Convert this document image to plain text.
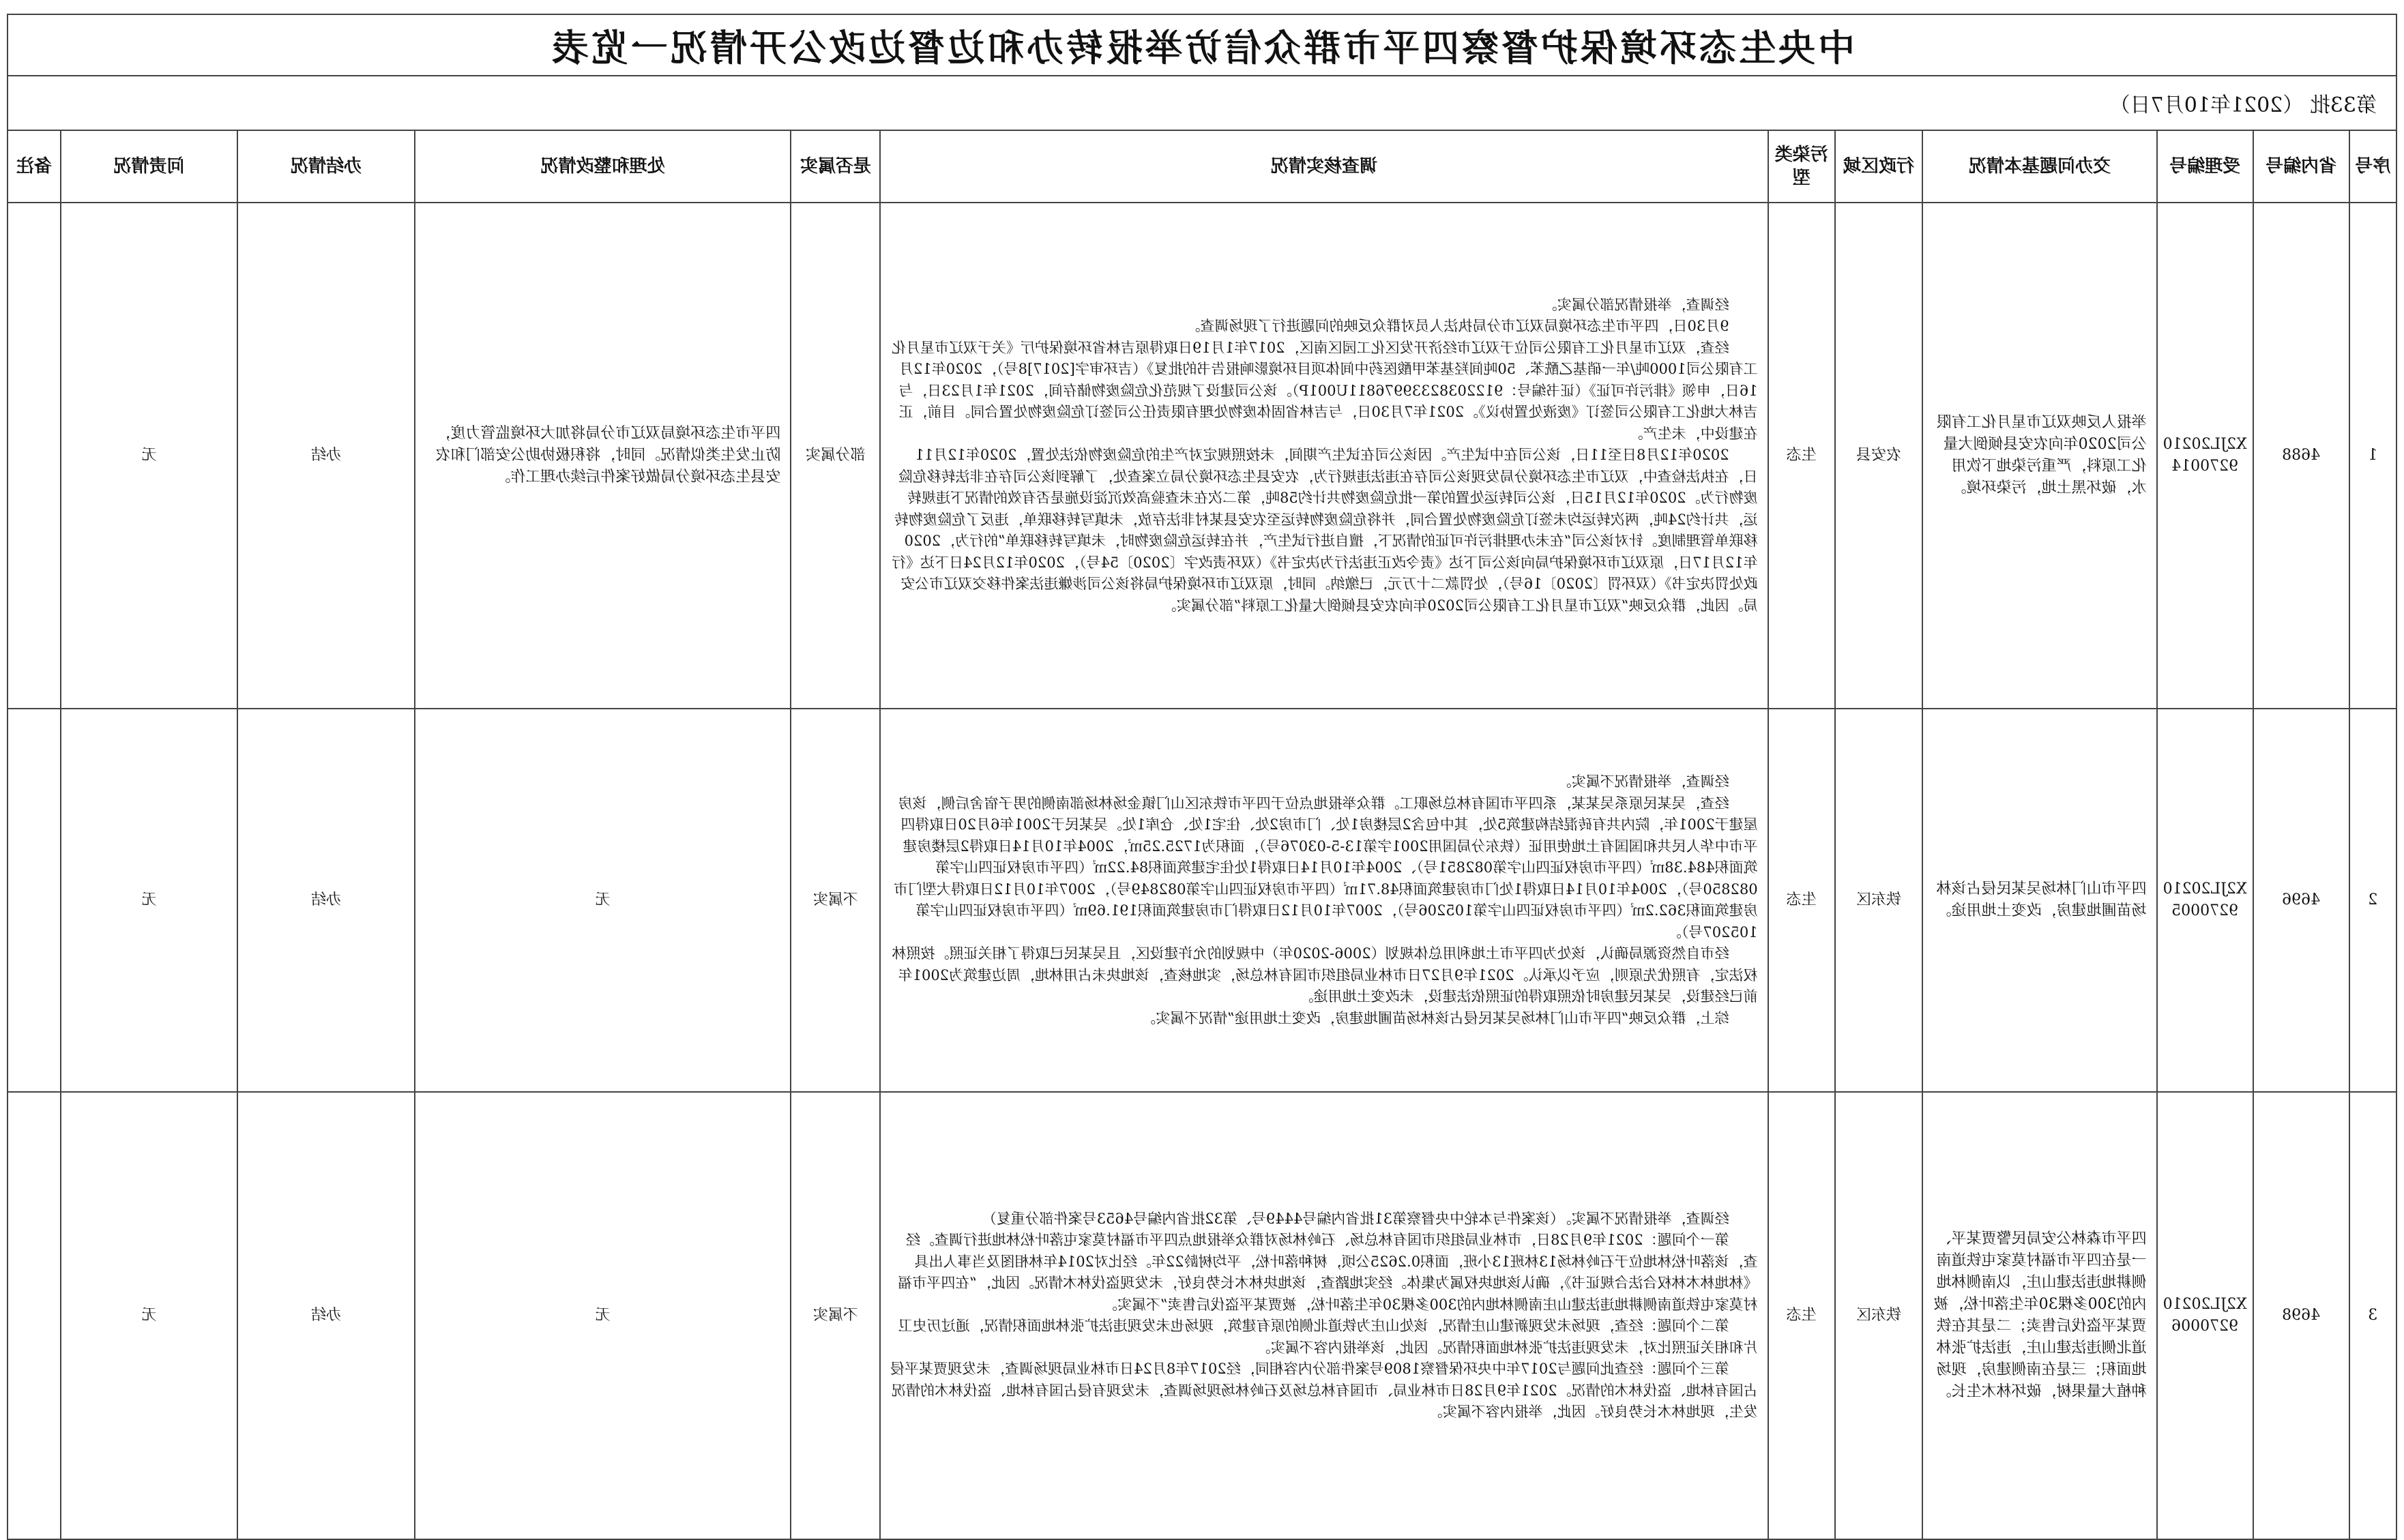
中央生态环境保护督察四平市群众信访举报转办和边督边改公开情况一览表
第33批 （2021年10月7日）
序号	省内编号	受理编号	交办问题基本情况	行政区域	污染类型	调查核实情况	是否属实	处理和整改情况	办结情况	问责情况	备注
1	4688	X2JL202109270014	举报人反映双辽市星月化工有限公司2020年向农安县倾倒大量化工原料，严重污染地下饮用水，破坏黑土地，污染环境。	农安县	生态	经调查，举报情况部分属实。

9月30日，四平市生态环境局双辽市分局执法人员对群众反映的问题进行了现场调查。

经查，双辽市星月化工有限公司位于双辽市经济开发区化工园区南区，2017年1月19日取得原吉林省环境保护厅《关于双辽市星月化工有限公司1000吨/年一硝基乙酰苯、50吨间羟基苯甲酸医药中间体项目环境影响报告书的批复》（吉环审字[2017]8号），2020年12月16日，申领《排污许可证》（证书编号：91220382339976811U001P）。该公司建设了规范化危险废物储存间，2021年1月23日，与吉林大地化工有限公司签订《废液处置协议》。2021年7月30日，与吉林省固体废物处理有限责任公司签订危险废物处置合同。目前，正在建设中，未生产。

2020年12月8日至11日，该公司在中试生产。因该公司在试生产期间，未按照规定对产生的危险废物依法处置，2020年12月11日，在执法检查中，双辽市生态环境分局发现该公司存在违法违规行为，农安县生态环境分局立案查处，了解到该公司存在非法转移危险废物行为。2020年12月15日，该公司转运处置的第一批危险废物共计约58吨，第二次在未查验高效沉淀设施是否有效的情况下违规转运，共计约24吨，两次转运均未签订危险废物处置合同，并将危险废物转运至农安县某村非法存放，未填写转移联单，违反了危险废物转移联单管理制度。针对该公司“在未办理排污许可证的情况下，擅自进行试生产，并在转运危险废物时，未填写转移联单”的行为，2020年12月17日，原双辽市环境保护局向该公司下达《责令改正违法行为决定书》（双环责改字〔2020〕54号），2020年12月24日下达《行政处罚决定书》（双环罚〔2020〕16号），处罚款二十万元，已缴纳。同时，原双辽市环境保护局将该公司涉嫌违法案件移交双辽市公安局。因此，群众反映“双辽市星月化工有限公司2020年向农安县倾倒大量化工原料”部分属实。	部分属实	四平市生态环境局双辽市分局将加大环境监管力度，防止发生类似情况。同时，将积极协助公安部门和农安县生态环境分局做好案件后续办理工作。	办结	无	
2	4696	X2JL202109270005	四平市山门林场吴某民侵占该林场苗圃地建房，改变土地用途。	铁东区	生态	经调查，举报情况不属实。

经查，吴某民原系吴某某，系四平市国有林总场职工。群众举报地点位于四平市铁东区山门镇金场林场部南侧的男子宿舍后侧，该房屋建于2001年，院内共有砖混结构建筑5处，其中包含2层楼房1处、门市房2处、住宅1处、仓库1处。吴某民于2001年6月20日取得四平市中华人民共和国国有土地使用证（铁东分局国用2001字第13-5-03076号），面积为1725.25㎡，2004年10月14日取得2层楼房建筑面积484.38㎡（四平市房权证四山字第082851号）、2004年10月14日取得1处住宅建筑面积84.22㎡（四平市房权证四山字第082850号），2004年10月14日取得1处门市房建筑面积48.71㎡（四平市房权证四山字第082849号），2007年10月12日取得大型门市房建筑面积362.2㎡（四平市房权证四山字第105206号），2007年10月12日取得门市房建筑面积191.69㎡（四平市房权证四山字第105207号）。

经市自然资源局确认，该处为四平市土地利用总体规划（2006-2020年）中规划的允许建设区，且吴某民已取得了相关证照。按照林权法定，有照优先原则，应予以承认。2021年9月27日市林业局组织市国有林总场，实地核查，该地块未占用林地，周边建筑为2001年前已经建设，吴某民建房时依照取得的证照依法建设，未改变土地用途。

综上，群众反映“四平市山门林场吴某民侵占该林场苗圃地建房，改变土地用途”情况不属实。	不属实	无	办结	无	
3	4698	X2JL202109270006	四平市森林公安局民警贾某平、一是在四平市福村莫家屯铁道南侧耕地违法建山庄，以南侧林地内的300多棵30年生落叶松，被贾某平盗伐后售卖；二是其在铁道北侧违法建山庄，违法扩张林地面积；三是在南侧建房，现场种植大量果树，破坏林木生长。	铁东区	生态	经调查，举报情况不属实。（该案件与本轮中央督察第31批省内编号4449号、第32批省内编号4653号案件部分重复）

第一个问题：2021年9月28日，市林业局组织市国有林总场、石岭林场对群众举报地点四平市福村莫家屯落叶松林地进行调查。经查，该落叶松林地位于石岭林场13林班13小班，面积0.2625公顷，树种落叶松，平均树龄22年。经比对2014年林相图及当事人出具《林地林木林权合法合规证书》，确认该地块权属为集体。经实地踏查，该地块林木长势良好，未发现盗伐林木情况。因此，“在四平市福村莫家屯铁道南侧耕地违法建山庄南侧林地内的300多棵30年生落叶松，被贾某平盗伐后售卖”不属实。

第二个问题：经查，现场未发现新建山庄情况，该处山庄为铁道北侧的原有建筑，现场也未发现违法扩张林地面积情况，通过历史卫片和相关证照比对，未发现违法扩张林地面积情况。因此，该举报内容不属实。

第三个问题：经查此问题与2017年中央环保督察1809号案件部分内容相同，经2017年8月24日市林业局现场调查，未发现贾某平侵占国有林地、盗伐林木的情况。2021年9月28日市林业局、市国有林总场及石岭林场现场调查，未发现有侵占国有林地、盗伐林木的情况发生，现地林木长势良好。因此，举报内容不属实。	不属实	无	办结	无	
